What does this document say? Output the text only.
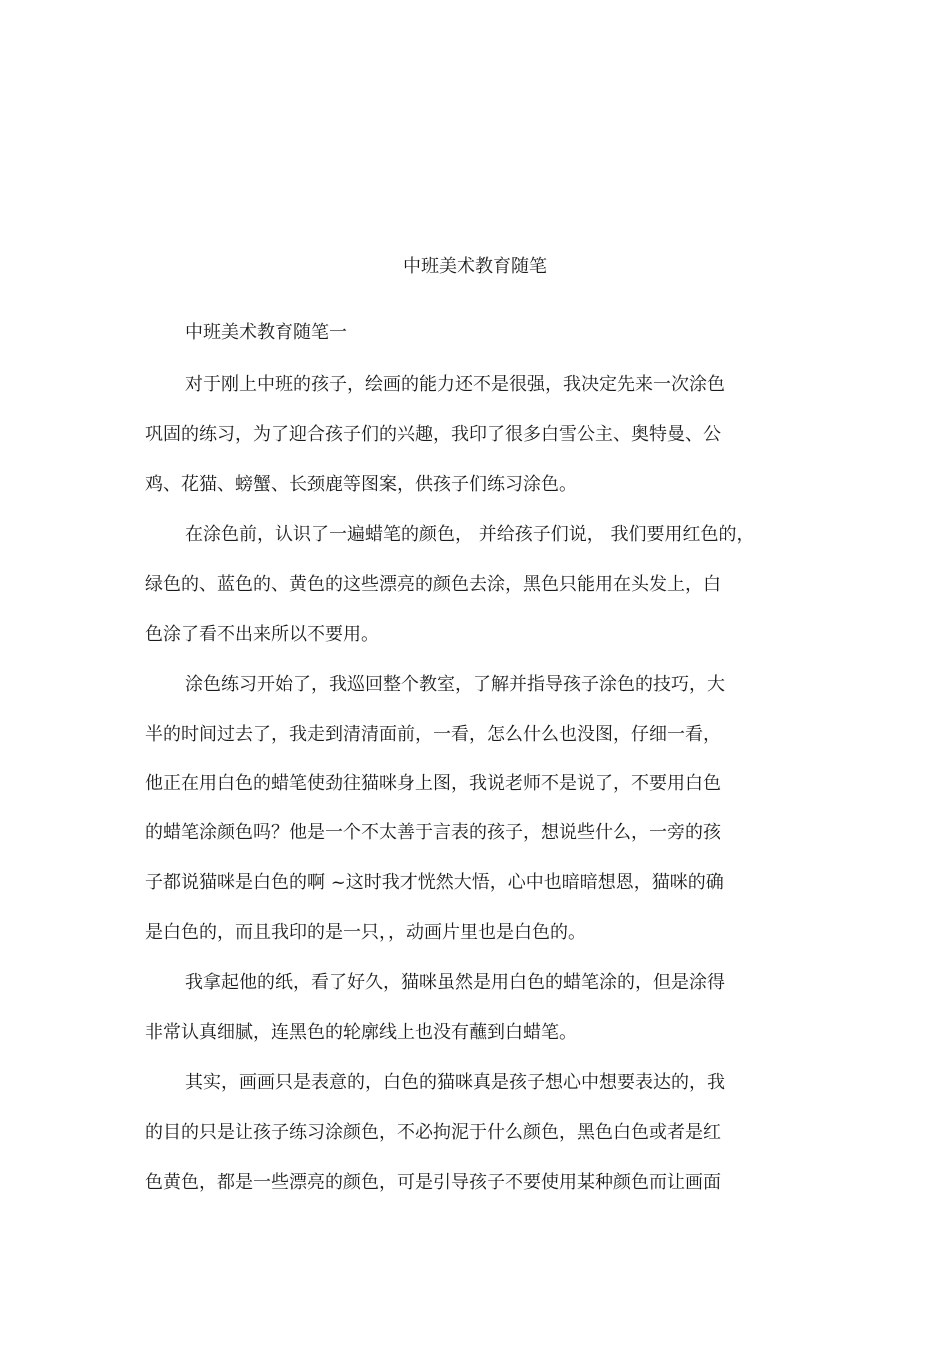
中班美术教育随笔
中班美术教育随笔一
对于刚上中班的孩子，绘画的能力还不是很强，我决定先来一次涂色
巩固的练习，为了迎合孩子们的兴趣，我印了很多白雪公主、奥特曼、公
鸡、花猫、螃蟹、长颈鹿等图案，供孩子们练习涂色。
在涂色前，认识了一遍蜡笔的颜色， 并给孩子们说， 我们要用红色的，
绿色的、蓝色的、黄色的这些漂亮的颜色去涂，黑色只能用在头发上，白
色涂了看不出来所以不要用。
涂色练习开始了，我巡回整个教室，了解并指导孩子涂色的技巧，大
半的时间过去了，我走到清清面前，一看，怎么什么也没图，仔细一看，
他正在用白色的蜡笔使劲往猫咪身上图，我说老师不是说了，不要用白色
的蜡笔涂颜色吗？他是一个不太善于言表的孩子，想说些什么，一旁的孩
子都说猫咪是白色的啊 ~这时我才恍然大悟，心中也暗暗想恩，猫咪的确
是白色的，而且我印的是一只，，动画片里也是白色的。
我拿起他的纸，看了好久，猫咪虽然是用白色的蜡笔涂的，但是涂得
非常认真细腻，连黑色的轮廓线上也没有蘸到白蜡笔。
其实，画画只是表意的，白色的猫咪真是孩子想心中想要表达的，我
的目的只是让孩子练习涂颜色，不必拘泥于什么颜色，黑色白色或者是红
色黄色，都是一些漂亮的颜色，可是引导孩子不要使用某种颜色而让画面
